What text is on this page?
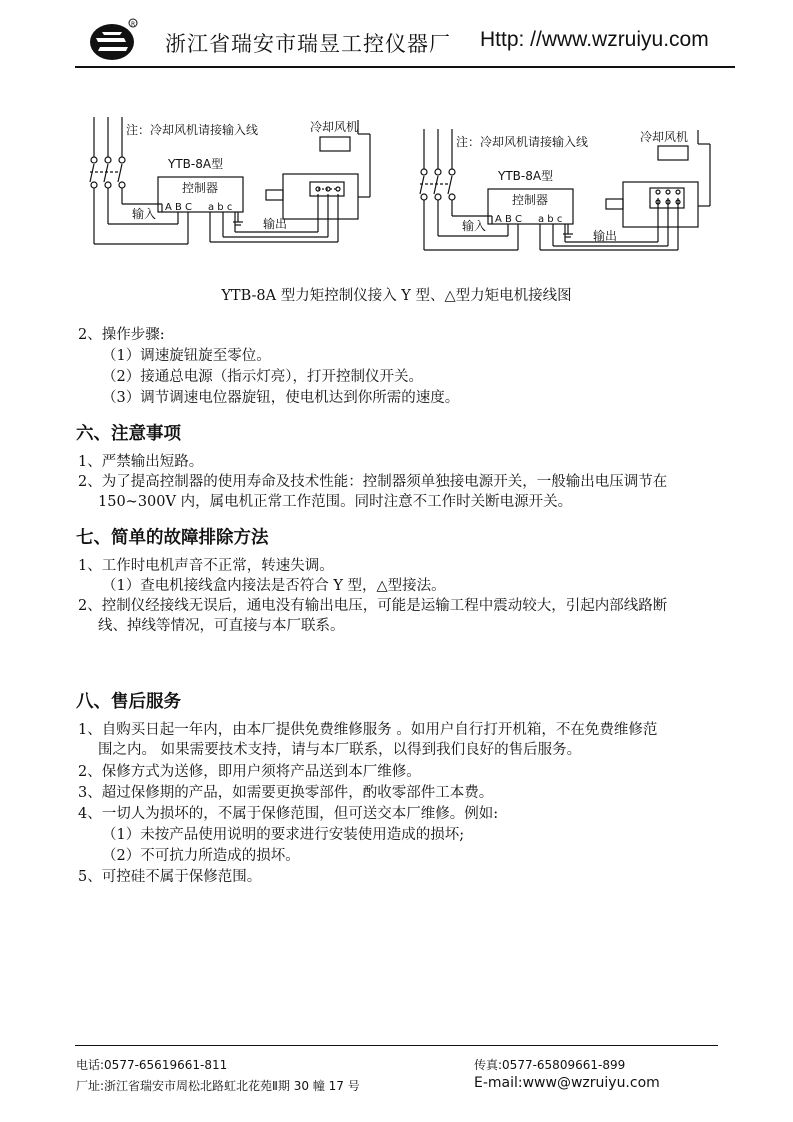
R
浙江省瑞安市瑞昱工控仪器厂 Http: //www.wzruiyu.com
注：冷却风机请接输入线	冷却风机
YTB-8A型
控制器
A B C a b c
输入
输出
注：冷却风机请接输入线	冷却风机
YTB-8A型
控制器
A B C a b c
输入
输出
YTB-8A 型力矩控制仪接入 Y 型、△型力矩电机接线图
2、操作步骤:
（1）调速旋钮旋至零位。
（2）接通总电源（指示灯亮），打开控制仪开关。
（3）调节调速电位器旋钮，使电机达到你所需的速度。
六、注意事项
1、严禁输出短路。
2、为了提高控制器的使用寿命及技术性能：控制器须单独接电源开关，一般输出电压调节在
150~300V 内，属电机正常工作范围。同时注意不工作时关断电源开关。
七、简单的故障排除方法
1、工作时电机声音不正常，转速失调。
（1）查电机接线盒内接法是否符合 Y 型，△型接法。
2、控制仪经接线无误后，通电没有输出电压，可能是运输工程中震动较大，引起内部线路断
线、掉线等情况，可直接与本厂联系。
八、售后服务
1、自购买日起一年内，由本厂提供免费维修服务 。如用户自行打开机箱，不在免费维修范
围之内。 如果需要技术支持，请与本厂联系，以得到我们良好的售后服务。
2、保修方式为送修，即用户须将产品送到本厂维修。
3、超过保修期的产品，如需要更换零部件，酌收零部件工本费。
4、一切人为损坏的，不属于保修范围，但可送交本厂维修。例如:
（1）未按产品使用说明的要求进行安装使用造成的损坏;
（2）不可抗力所造成的损坏。
5、可控硅不属于保修范围。
电话:0577-65619661-811	传真:0577-65809661-899
厂址:浙江省瑞安市周松北路虹北花苑Ⅱ期 30 幢 17 号	E-mail:www@wzruiyu.com
